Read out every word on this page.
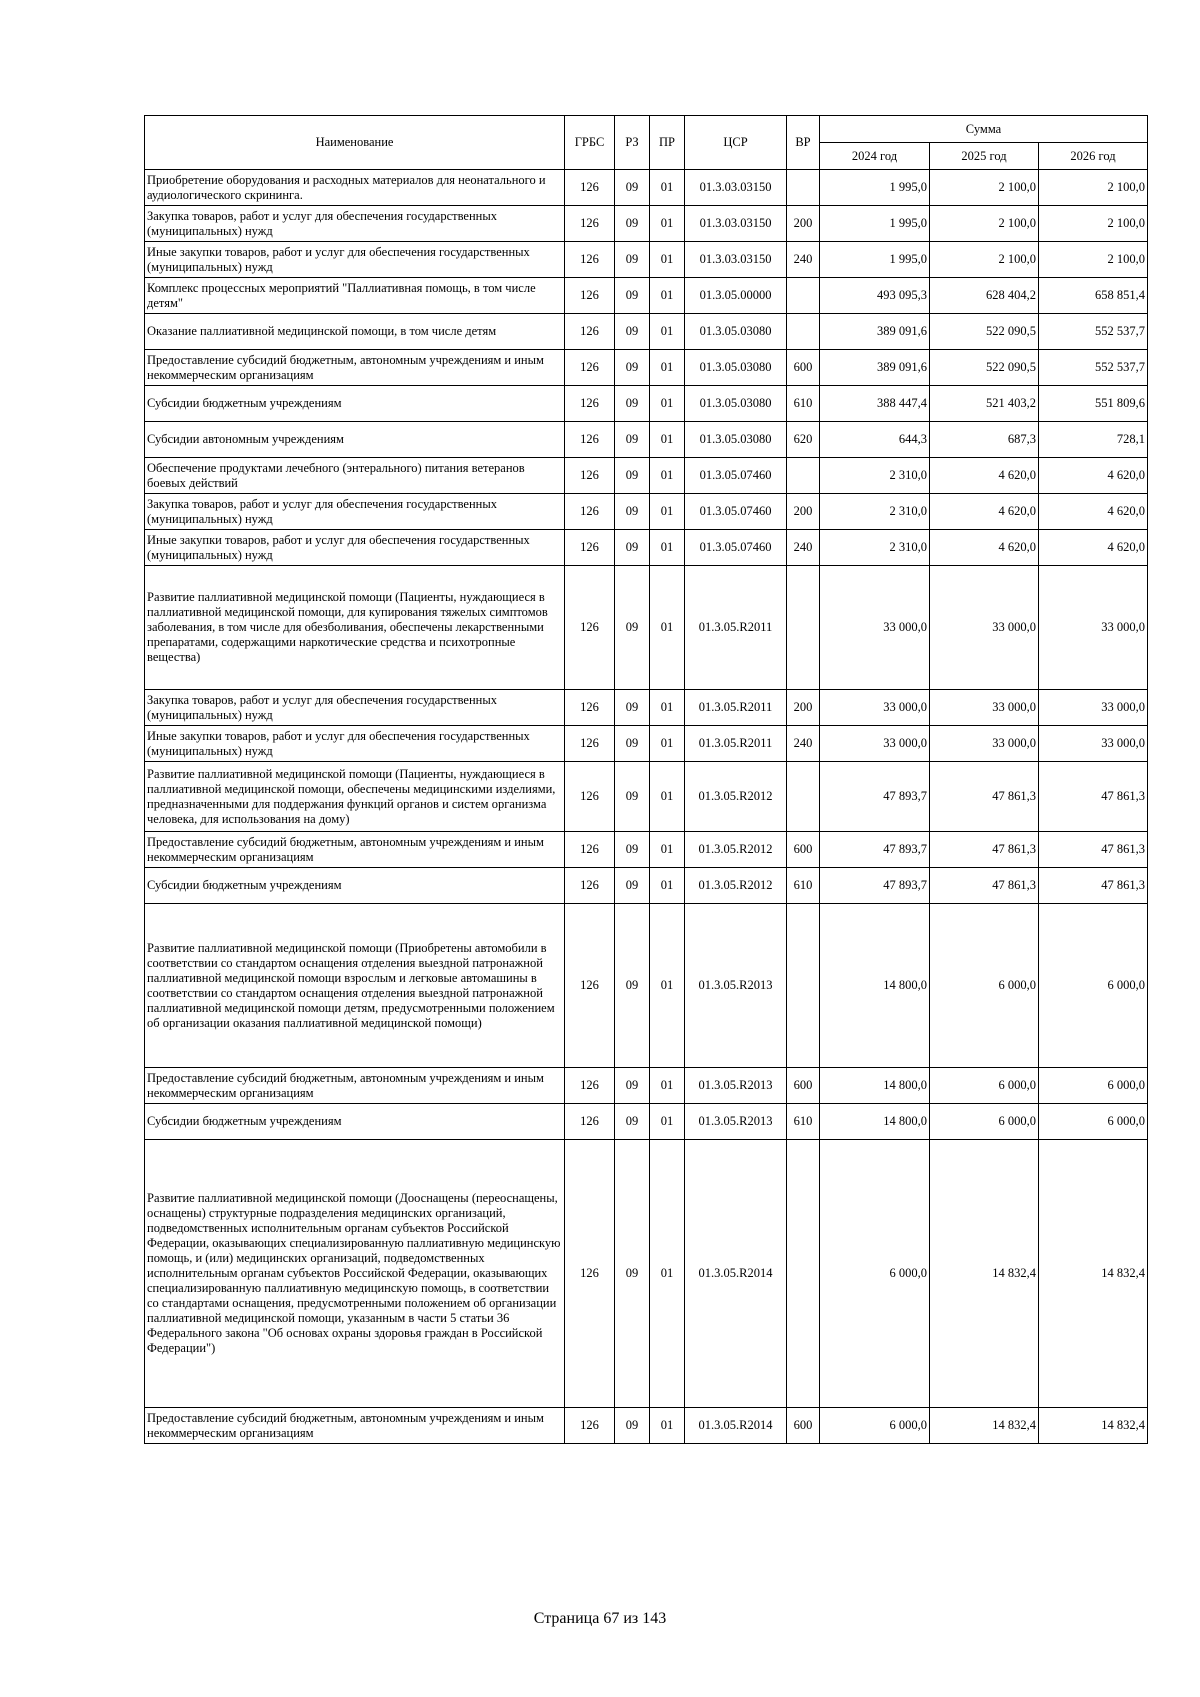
Наименование	ГРБС	РЗ	ПР	ЦСР	ВР	Сумма		
						2024 год	2025 год	2026 год
Приобретение оборудования и расходных материалов для неонатального и аудиологического скрининга.	126	09	01	01.3.03.03150		1 995,0	2 100,0	2 100,0
Закупка товаров, работ и услуг для обеспечения государственных (муниципальных) нужд	126	09	01	01.3.03.03150	200	1 995,0	2 100,0	2 100,0
Иные закупки товаров, работ и услуг для обеспечения государственных (муниципальных) нужд	126	09	01	01.3.03.03150	240	1 995,0	2 100,0	2 100,0
Комплекс процессных мероприятий "Паллиативная помощь, в том числе детям"	126	09	01	01.3.05.00000		493 095,3	628 404,2	658 851,4
Оказание паллиативной медицинской помощи, в том числе детям	126	09	01	01.3.05.03080		389 091,6	522 090,5	552 537,7
Предоставление субсидий бюджетным, автономным учреждениям и иным некоммерческим организациям	126	09	01	01.3.05.03080	600	389 091,6	522 090,5	552 537,7
Субсидии бюджетным учреждениям	126	09	01	01.3.05.03080	610	388 447,4	521 403,2	551 809,6
Субсидии автономным учреждениям	126	09	01	01.3.05.03080	620	644,3	687,3	728,1
Обеспечение продуктами лечебного (энтерального) питания ветеранов боевых действий	126	09	01	01.3.05.07460		2 310,0	4 620,0	4 620,0
Закупка товаров, работ и услуг для обеспечения государственных (муниципальных) нужд	126	09	01	01.3.05.07460	200	2 310,0	4 620,0	4 620,0
Иные закупки товаров, работ и услуг для обеспечения государственных (муниципальных) нужд	126	09	01	01.3.05.07460	240	2 310,0	4 620,0	4 620,0
Развитие паллиативной медицинской помощи (Пациенты, нуждающиеся в паллиативной медицинской помощи, для купирования тяжелых симптомов заболевания, в том числе для обезболивания, обеспечены лекарственными препаратами, содержащими наркотические средства и психотропные вещества)	126	09	01	01.3.05.R2011		33 000,0	33 000,0	33 000,0
Закупка товаров, работ и услуг для обеспечения государственных (муниципальных) нужд	126	09	01	01.3.05.R2011	200	33 000,0	33 000,0	33 000,0
Иные закупки товаров, работ и услуг для обеспечения государственных (муниципальных) нужд	126	09	01	01.3.05.R2011	240	33 000,0	33 000,0	33 000,0
Развитие паллиативной медицинской помощи (Пациенты, нуждающиеся в паллиативной медицинской помощи, обеспечены медицинскими изделиями, предназначенными для поддержания функций органов и систем организма человека, для использования на дому)	126	09	01	01.3.05.R2012		47 893,7	47 861,3	47 861,3
Предоставление субсидий бюджетным, автономным учреждениям и иным некоммерческим организациям	126	09	01	01.3.05.R2012	600	47 893,7	47 861,3	47 861,3
Субсидии бюджетным учреждениям	126	09	01	01.3.05.R2012	610	47 893,7	47 861,3	47 861,3
Развитие паллиативной медицинской помощи (Приобретены автомобили в соответствии со стандартом оснащения отделения выездной патронажной паллиативной медицинской помощи взрослым и легковые автомашины в соответствии со стандартом оснащения отделения выездной патронажной паллиативной медицинской помощи детям, предусмотренными положением об организации оказания паллиативной медицинской помощи)	126	09	01	01.3.05.R2013		14 800,0	6 000,0	6 000,0
Предоставление субсидий бюджетным, автономным учреждениям и иным некоммерческим организациям	126	09	01	01.3.05.R2013	600	14 800,0	6 000,0	6 000,0
Субсидии бюджетным учреждениям	126	09	01	01.3.05.R2013	610	14 800,0	6 000,0	6 000,0
Развитие паллиативной медицинской помощи (Дооснащены (переоснащены, оснащены) структурные подразделения медицинских организаций, подведомственных исполнительным органам субъектов Российской Федерации, оказывающих специализированную паллиативную медицинскую помощь, и (или) медицинских организаций, подведомственных исполнительным органам субъектов Российской Федерации, оказывающих специализированную паллиативную медицинскую помощь, в соответствии со стандартами оснащения, предусмотренными положением об организации паллиативной медицинской помощи, указанным в части 5 статьи 36 Федерального закона "Об основах охраны здоровья граждан в Российской Федерации")	126	09	01	01.3.05.R2014		6 000,0	14 832,4	14 832,4
Предоставление субсидий бюджетным, автономным учреждениям и иным некоммерческим организациям	126	09	01	01.3.05.R2014	600	6 000,0	14 832,4	14 832,4
Страница 67 из 143
